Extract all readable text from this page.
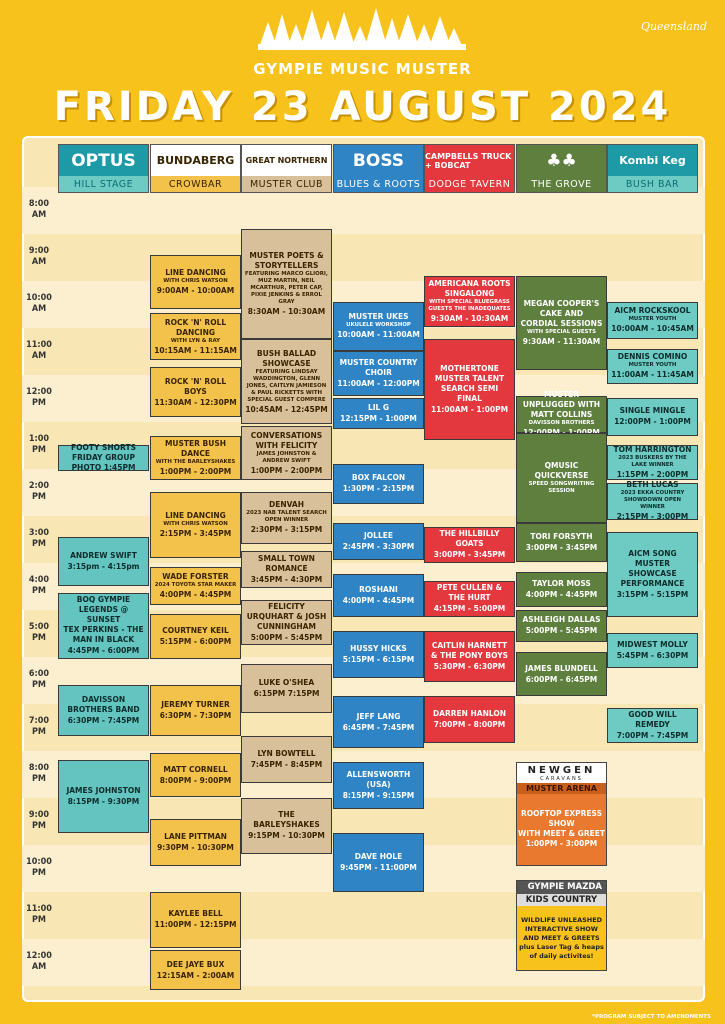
Queensland
GYMPIE MUSIC MUSTER
FRIDAY 23 AUGUST 2024
8:00 AM
9:00 AM
10:00 AM
11:00 AM
12:00 PM
1:00 PM
2:00 PM
3:00 PM
4:00 PM
5:00 PM
6:00 PM
7:00 PM
8:00 PM
9:00 PM
10:00 PM
11:00 PM
12:00 AM
OPTUS
HILL STAGE
BUNDABERG
CROWBAR
GREAT NORTHERN
MUSTER CLUB
BOSS
BLUES & ROOTS
CAMPBELLS TRUCK + BOBCAT
DODGE TAVERN
♣♣
THE GROVE
Kombi Keg
BUSH BAR
FOOTY SHORTS FRIDAY GROUP PHOTO 1:45PM
ANDREW SWIFT
3:15pm - 4:15pm
BOQ GYMPIE LEGENDS @ SUNSET
TEX PERKINS - THE MAN IN BLACK
4:45PM - 6:00PM
DAVISSON BROTHERS BAND
6:30PM - 7:45PM
JAMES JOHNSTON
8:15PM - 9:30PM
LINE DANCING
WITH CHRIS WATSON
9:00AM - 10:00AM
ROCK 'N' ROLL DANCING
WITH LYN & RAY
10:15AM - 11:15AM
ROCK 'N' ROLL BOYS
11:30AM - 12:30PM
MUSTER BUSH DANCE
WITH THE BARLEYSHAKES
1:00PM - 2:00PM
LINE DANCING
WITH CHRIS WATSON
2:15PM - 3:45PM
WADE FORSTER
2024 TOYOTA STAR MAKER
4:00PM - 4:45PM
COURTNEY KEIL
5:15PM - 6:00PM
JEREMY TURNER
6:30PM - 7:30PM
MATT CORNELL
8:00PM - 9:00PM
LANE PITTMAN
9:30PM - 10:30PM
KAYLEE BELL
11:00PM - 12:15PM
DEE JAYE BUX
12:15AM - 2:00AM
MUSTER POETS & STORYTELLERS
FEATURING MARCO GLIORI, MUZ MARTIN, NEIL MCARTHUR, PETER CAP, PIXIE JENKINS & ERROL GRAY
8:30AM - 10:30AM
BUSH BALLAD SHOWCASE
FEATURING LINDSAY WADDINGTON, GLENN JONES, CAITLYN JAMIESON & PAUL RICKETTS WITH SPECIAL GUEST COMPERE
10:45AM - 12:45PM
CONVERSATIONS WITH FELICITY
JAMES JOHNSTON & ANDREW SWIFT
1:00PM - 2:00PM
DENVAH
2023 NAB TALENT SEARCH OPEN WINNER
2:30PM - 3:15PM
SMALL TOWN ROMANCE
3:45PM - 4:30PM
FELICITY URQUHART & JOSH CUNNINGHAM
5:00PM - 5:45PM
LUKE O'SHEA
6:15PM 7:15PM
LYN BOWTELL
7:45PM - 8:45PM
THE BARLEYSHAKES
9:15PM - 10:30PM
MUSTER UKES
UKULELE WORKSHOP
10:00AM - 11:00AM
MUSTER COUNTRY CHOIR
11:00AM - 12:00PM
LIL G
12:15PM - 1:00PM
BOX FALCON
1:30PM - 2:15PM
JOLLEE
2:45PM - 3:30PM
ROSHANI
4:00PM - 4:45PM
HUSSY HICKS
5:15PM - 6:15PM
JEFF LANG
6:45PM - 7:45PM
ALLENSWORTH (USA)
8:15PM - 9:15PM
DAVE HOLE
9:45PM - 11:00PM
AMERICANA ROOTS SINGALONG
WITH SPECIAL BLUEGRASS GUESTS THE INADEQUATES
9:30AM - 10:30AM
MOTHERTONE MUSTER TALENT SEARCH SEMI FINAL
11:00AM - 1:00PM
THE HILLBILLY GOATS
3:00PM - 3:45PM
PETE CULLEN & THE HURT
4:15PM - 5:00PM
CAITLIN HARNETT & THE PONY BOYS
5:30PM - 6:30PM
DARREN HANLON
7:00PM - 8:00PM
MEGAN COOPER'S CAKE AND CORDIAL SESSIONS
WITH SPECIAL GUESTS
9:30AM - 11:30AM
MUSTER UNPLUGGED WITH MATT COLLINS
DAVISSON BROTHERS
QMUSIC QUICKVERSE
SPEED SONGWRITING SESSION
TORI FORSYTH
3:00PM - 3:45PM
TAYLOR MOSS
4:00PM - 4:45PM
ASHLEIGH DALLAS
5:00PM - 5:45PM
JAMES BLUNDELL
6:00PM - 6:45PM
AICM ROCKSKOOL
MUSTER YOUTH
10:00AM - 10:45AM
DENNIS COMINO
MUSTER YOUTH
11:00AM - 11:45AM
SINGLE MINGLE
12:00PM - 1:00PM
TOM HARRINGTON
2023 BUSKERS BY THE LAKE WINNER
1:15PM - 2:00PM
BETH LUCAS
2023 EKKA COUNTRY SHOWDOWN OPEN WINNER
2:15PM - 3:00PM
AICM SONG MUSTER SHOWCASE PERFORMANCE
3:15PM - 5:15PM
MIDWEST MOLLY
5:45PM - 6:30PM
GOOD WILL REMEDY
7:00PM - 7:45PM
NEWGEN
CARAVANS
MUSTER ARENA
ROOFTOP EXPRESS SHOW
WITH MEET & GREET
1:00PM - 3:00PM
GYMPIE MAZDA
KIDS COUNTRY
WILDLIFE UNLEASHED INTERACTIVE SHOW AND MEET & GREETS
plus Laser Tag & heaps of daily activites!
*PROGRAM SUBJECT TO AMENDMENTS
